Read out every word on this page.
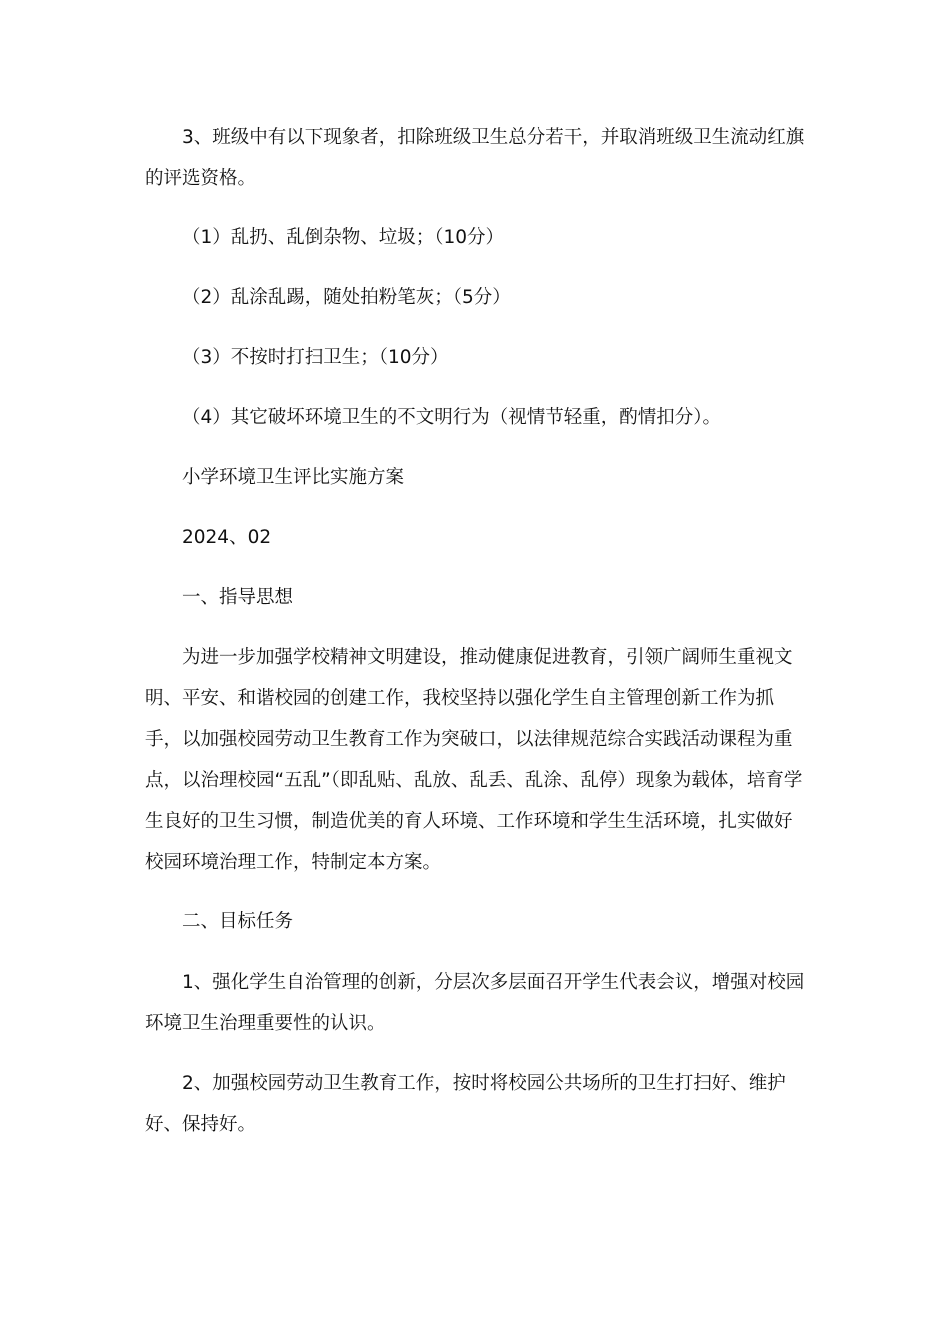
3、班级中有以下现象者，扣除班级卫生总分若干，并取消班级卫生流动红旗的评选资格。

（1）乱扔、乱倒杂物、垃圾；（10分）

（2）乱涂乱踢，随处拍粉笔灰；（5分）

（3）不按时打扫卫生；（10分）

（4）其它破坏环境卫生的不文明行为（视情节轻重，酌情扣分）。

小学环境卫生评比实施方案

2024、02

一、指导思想

为进一步加强学校精神文明建设，推动健康促进教育，引领广阔师生重视文明、平安、和谐校园的创建工作，我校坚持以强化学生自主管理创新工作为抓手，以加强校园劳动卫生教育工作为突破口，以法律规范综合实践活动课程为重点，以治理校园“五乱”（即乱贴、乱放、乱丢、乱涂、乱停）现象为载体，培育学生良好的卫生习惯，制造优美的育人环境、工作环境和学生生活环境，扎实做好校园环境治理工作，特制定本方案。

二、目标任务

1、强化学生自治管理的创新，分层次多层面召开学生代表会议，增强对校园环境卫生治理重要性的认识。

2、加强校园劳动卫生教育工作，按时将校园公共场所的卫生打扫好、维护好、保持好。
